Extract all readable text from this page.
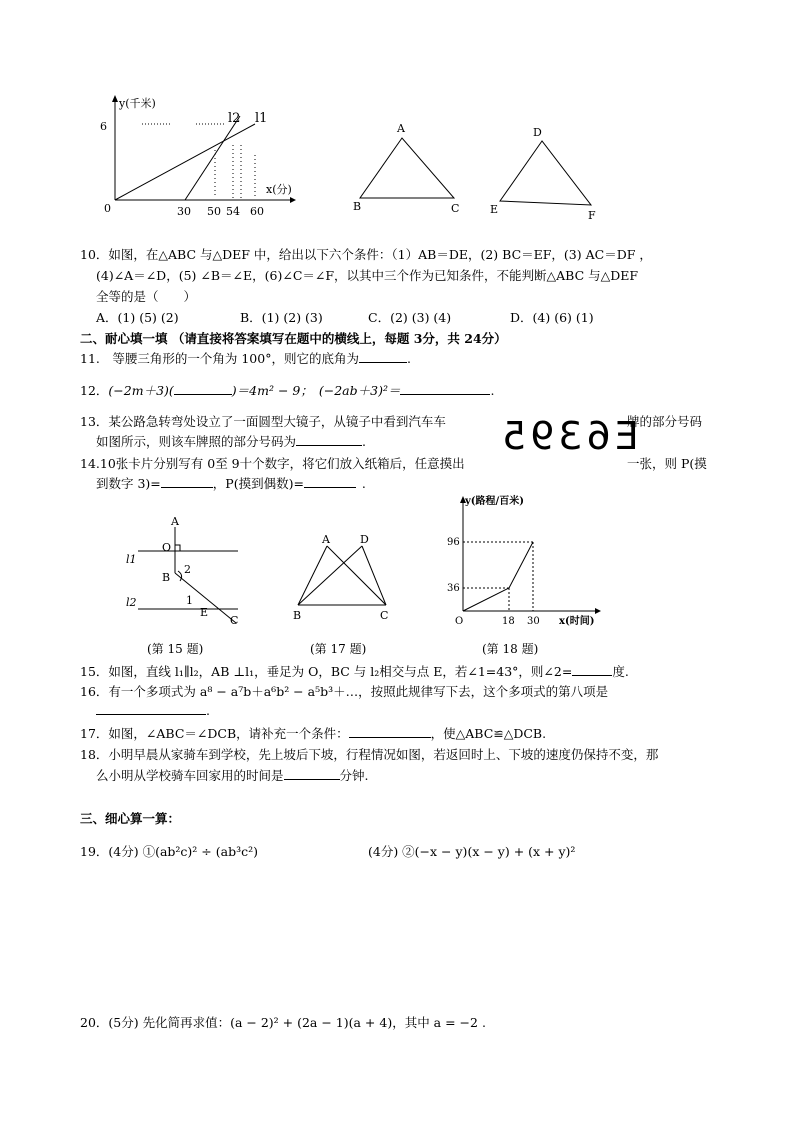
y(千米)
6
0
x(分)
30 50 54 60
l2 l1
A
B	C
D
E	F
10．如图，在△ABC 与△DEF 中，给出以下六个条件：（1）AB＝DE，(2) BC＝EF，(3) AC＝DF ，
(4)∠A＝∠D，(5) ∠B＝∠E，(6)∠C＝∠F，以其中三个作为已知条件，不能判断△ABC 与△DEF
全等的是（　　）
A．(1) (5) (2)	B．(1) (2) (3)	C．(2) (3) (4)	D．(4) (6) (1)
二、耐心填一填 （请直接将答案填写在题中的横线上，每题 3分，共 24分）
11.　等腰三角形的一个角为 100°，则它的底角为	.
12．(−2m＋3)(	)＝4m² − 9； (−2ab＋3)²＝	.
13．某公路急转弯处设立了一面圆型大镜子，从镜子中看到汽车车	牌的部分号码
如图所示，则该车牌照的部分号码为	.	E6395
14.10张卡片分别写有 0至 9十个数字，将它们放入纸箱后，任意摸出	一张，则 P(摸
到数字 3)=	，P(摸到偶数)=	.
A
O
l1
B
2
1
E
l2
C
(第 15 题)
A	D
B	C
(第 17 题)
y(路程/百米)
96
36
O	18 30 x(时间)
(第 18 题)
15．如图，直线 l₁∥l₂，AB ⊥l₁，垂足为 O，BC 与 l₂相交与点 E，若∠1=43°，则∠2=	度.
16．有一个多项式为 a⁸ − a⁷b＋a⁶b² − a⁵b³＋…，按照此规律写下去，这个多项式的第八项是
.
17．如图，∠ABC＝∠DCB，请补充一个条件：	，使△ABC≌△DCB.
18．小明早晨从家骑车到学校，先上坡后下坡，行程情况如图，若返回时上、下坡的速度仍保持不变，那
么小明从学校骑车回家用的时间是	分钟.
三、细心算一算：
19．(4分) ①(ab²c)² ÷ (ab³c²)	(4分) ②(−x − y)(x − y) + (x + y)²
20．(5分) 先化简再求值：(a − 2)² + (2a − 1)(a + 4)，其中 a = −2 .
